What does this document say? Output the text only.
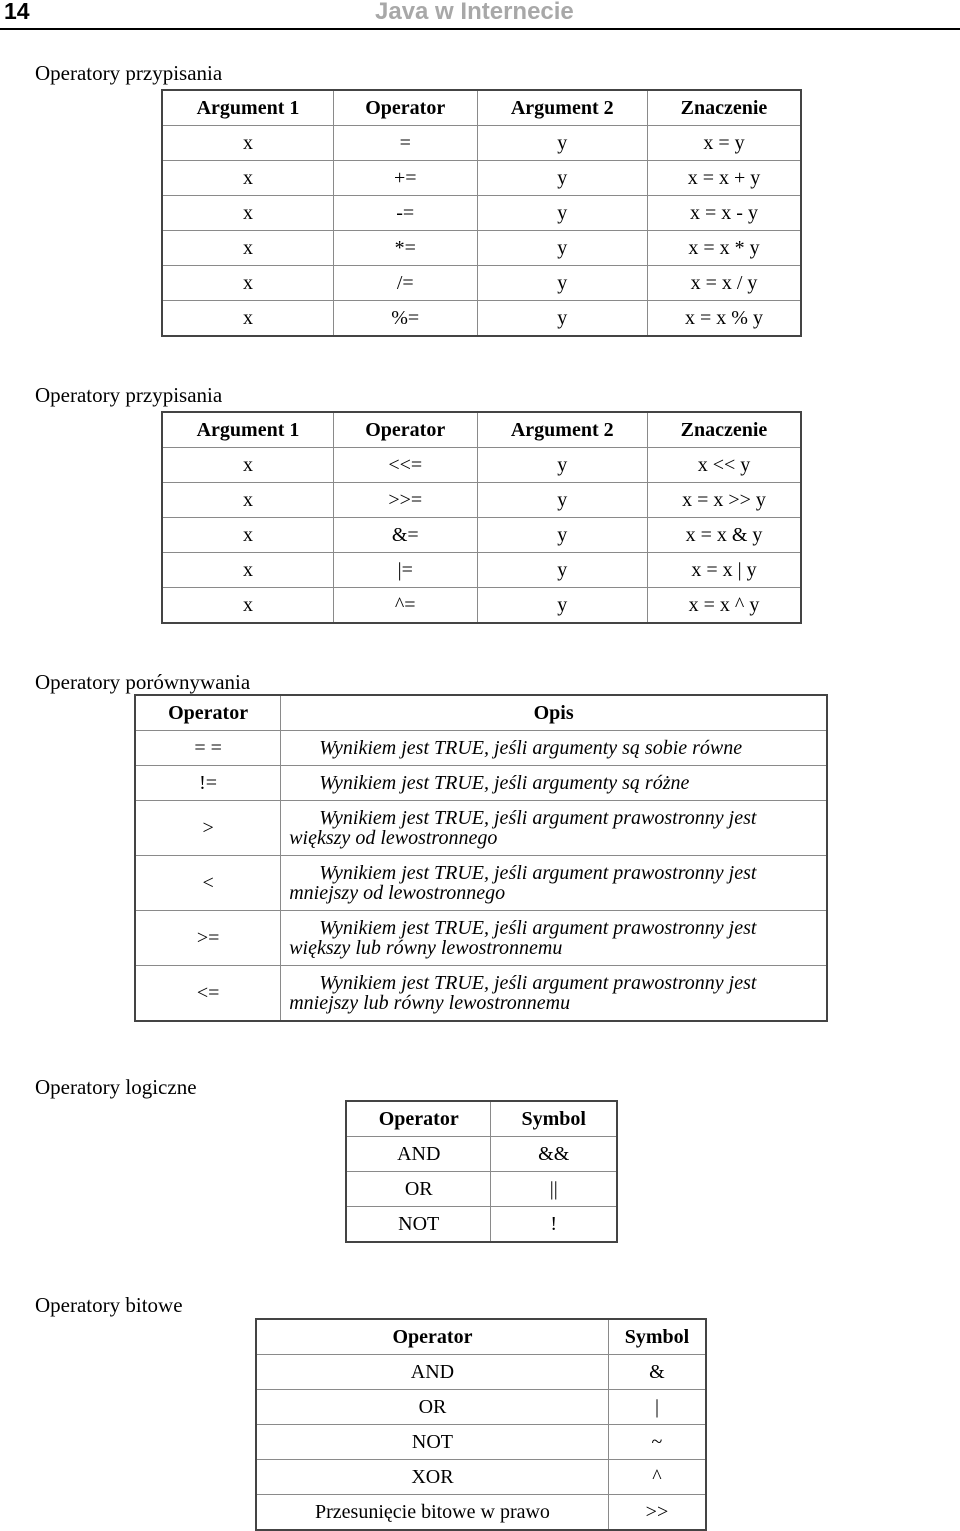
14	Java w Internecie
Operatory przypisania
Argument 1	Operator	Argument 2	Znaczenie
x	=	y	x = y
x	+=	y	x = x + y
x	-=	y	x = x - y
x	*=	y	x = x * y
x	/=	y	x = x / y
x	%=	y	x = x % y
Operatory przypisania
Argument 1	Operator	Argument 2	Znaczenie
x	<<=	y	x << y
x	>>=	y	x = x >> y
x	&=	y	x = x & y
x	|=	y	x = x | y
x	^=	y	x = x ^ y
Operatory porównywania
Operator	Opis
= =	Wynikiem jest TRUE, jeśli argumenty są sobie równe
!=	Wynikiem jest TRUE, jeśli argumenty są różne
>	Wynikiem jest TRUE, jeśli argument prawostronny jest większy od lewostronnego
<	Wynikiem jest TRUE, jeśli argument prawostronny jest mniejszy od lewostronnego
>=	Wynikiem jest TRUE, jeśli argument prawostronny jest większy lub równy lewostronnemu
<=	Wynikiem jest TRUE, jeśli argument prawostronny jest mniejszy lub równy lewostronnemu
Operatory logiczne
Operator	Symbol
AND	&&
OR	||
NOT	!
Operatory bitowe
Operator	Symbol
AND	&
OR	|
NOT	~
XOR	^
Przesunięcie bitowe w prawo	>>
